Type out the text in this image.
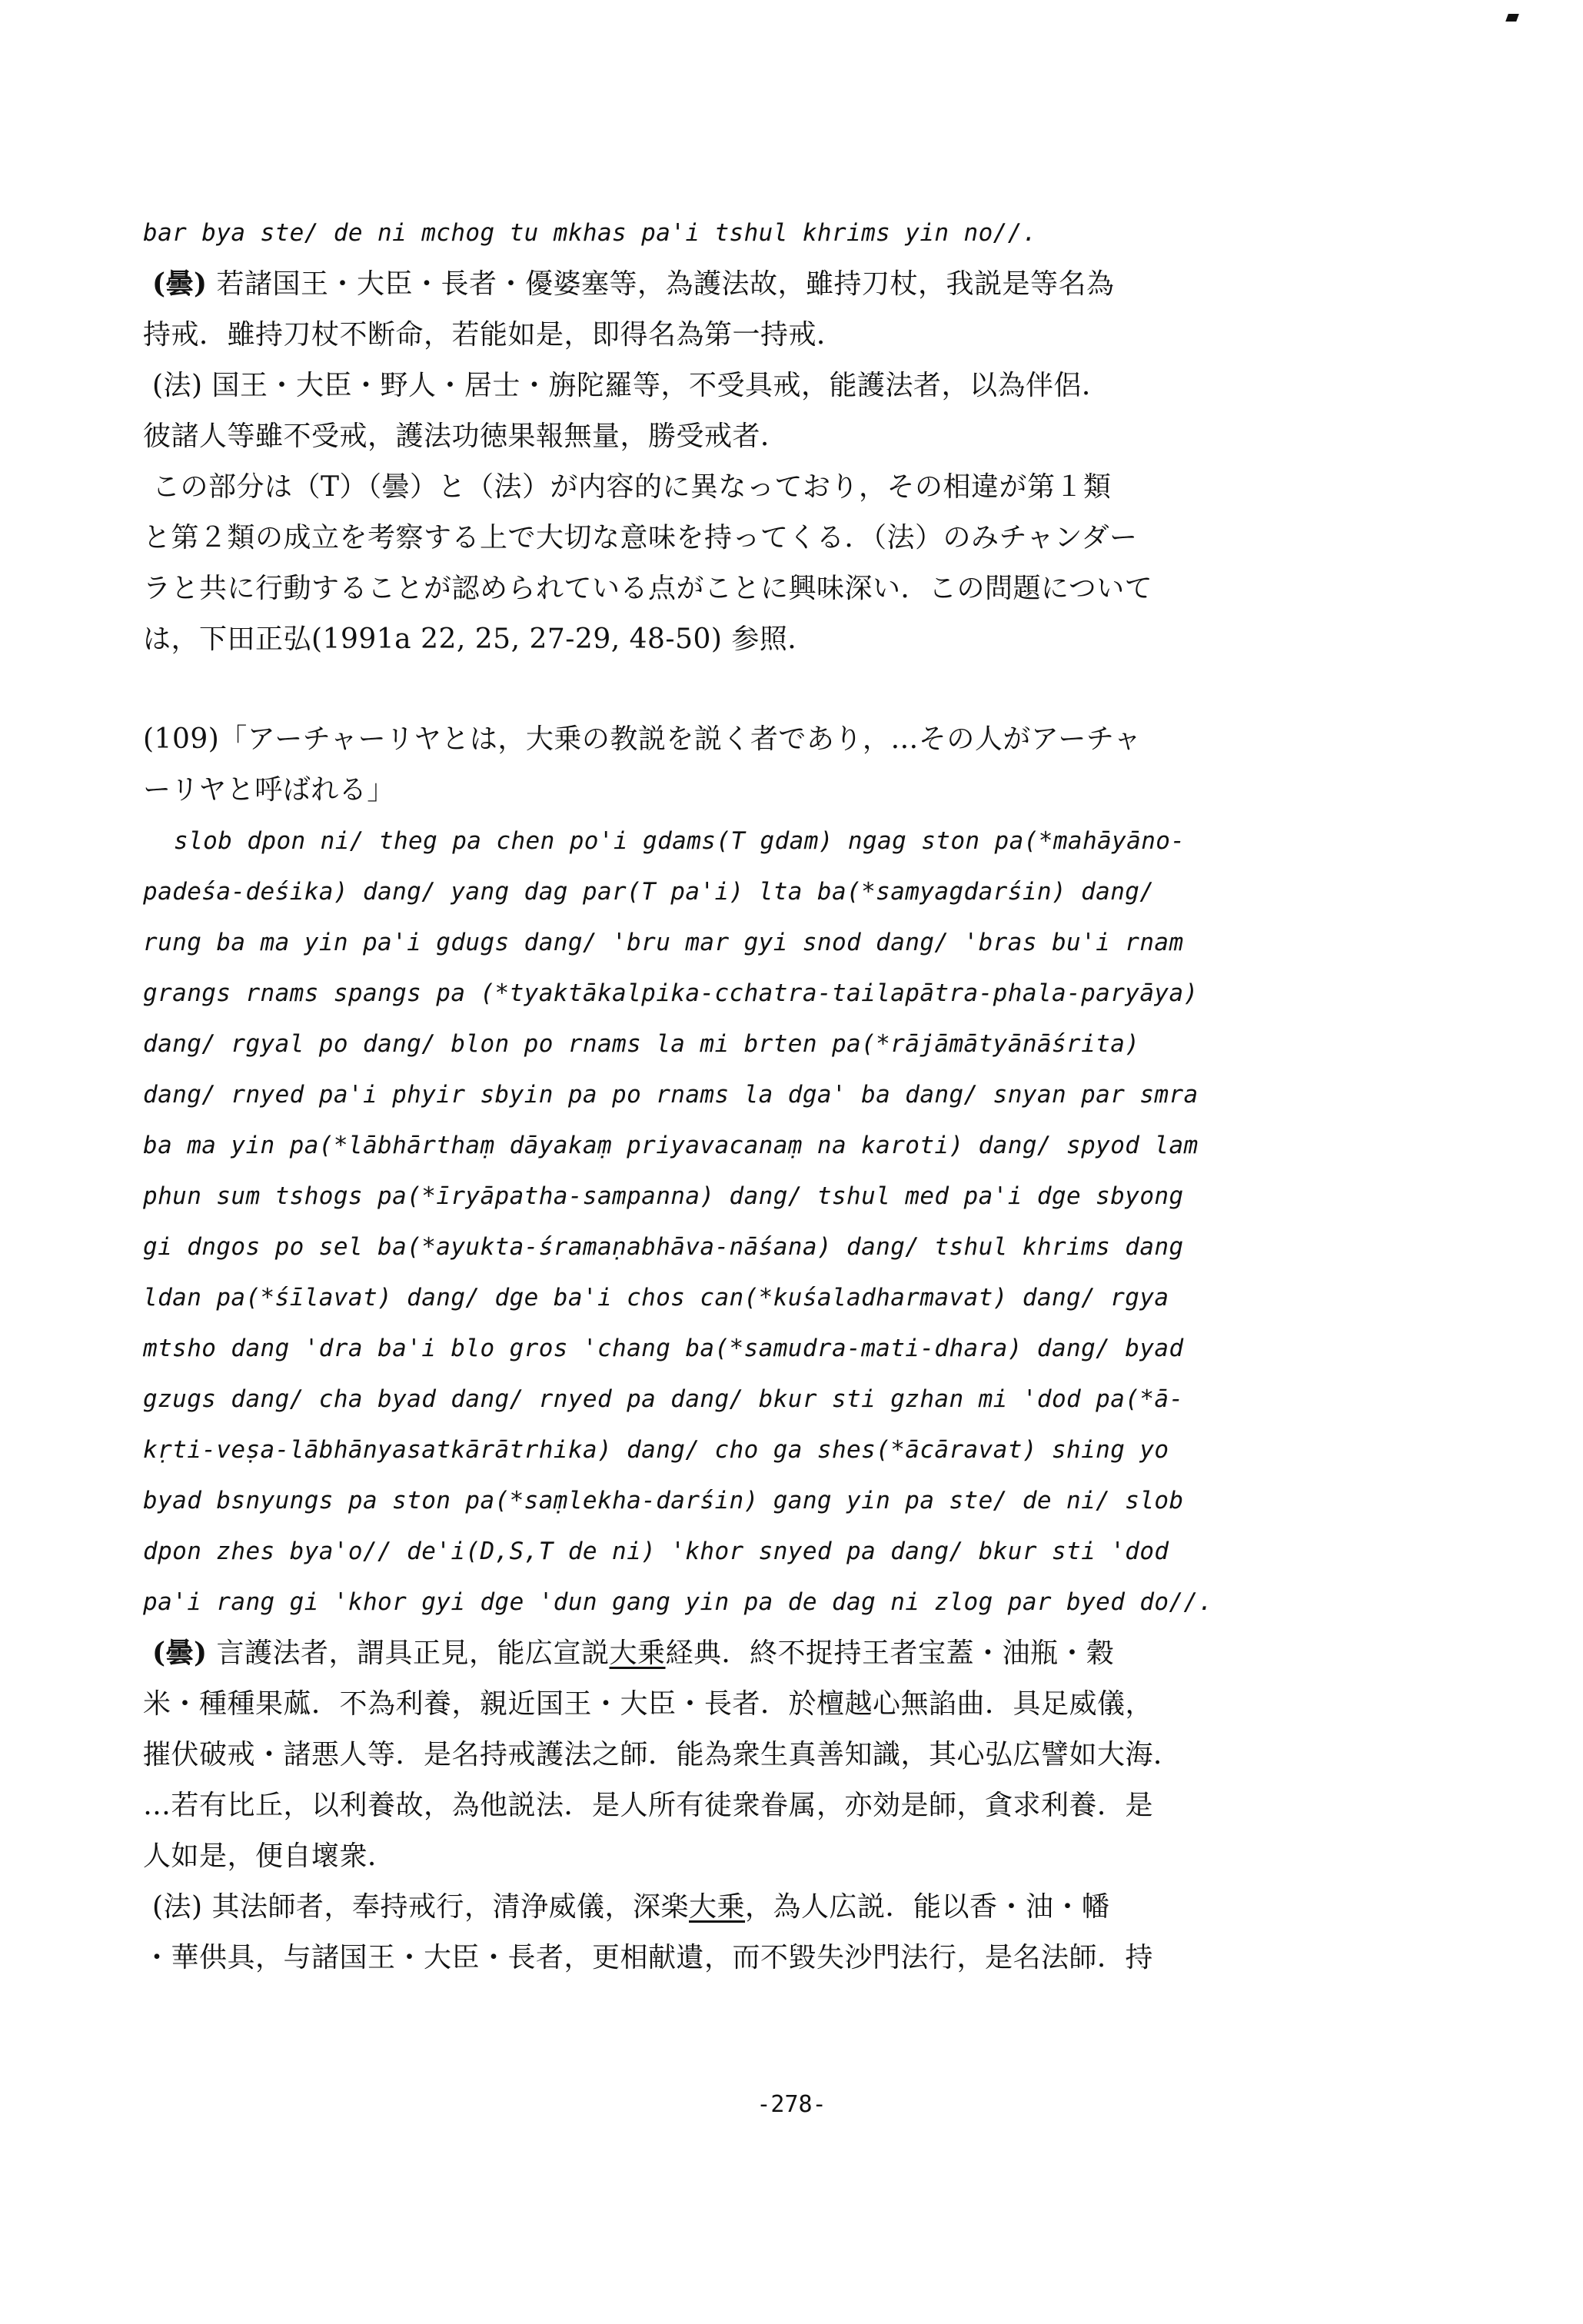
bar bya ste/ de ni mchog tu mkhas pa'i tshul khrims yin no//.

(曇) 若諸国王・大臣・長者・優婆塞等，為護法故，雖持刀杖，我説是等名為

持戒．雖持刀杖不断命，若能如是，即得名為第一持戒．

(法) 国王・大臣・野人・居士・旃陀羅等，不受具戒，能護法者，以為伴侶．

彼諸人等雖不受戒，護法功徳果報無量，勝受戒者．

この部分は（T）（曇）と（法）が内容的に異なっており，その相違が第１類

と第２類の成立を考察する上で大切な意味を持ってくる．（法）のみチャンダー

ラと共に行動することが認められている点がことに興味深い．この問題について

は，下田正弘(1991a 22, 25, 27-29, 48-50) 参照．

(109)「アーチャーリヤとは，大乗の教説を説く者であり，…その人がアーチャ

ーリヤと呼ばれる」

slob dpon ni/ theg pa chen po'i gdams(T gdam) ngag ston pa(*mahāyāno-

padeśa-deśika) dang/ yang dag par(T pa'i) lta ba(*samyagdarśin) dang/

rung ba ma yin pa'i gdugs dang/ 'bru mar gyi snod dang/ 'bras bu'i rnam

grangs rnams spangs pa (*tyaktākalpika-cchatra-tailapātra-phala-paryāya)

dang/ rgyal po dang/ blon po rnams la mi brten pa(*rājāmātyānāśrita)

dang/ rnyed pa'i phyir sbyin pa po rnams la dga' ba dang/ snyan par smra

ba ma yin pa(*lābhārthaṃ dāyakaṃ priyavacanaṃ na karoti) dang/ spyod lam

phun sum tshogs pa(*īryāpatha-sampanna) dang/ tshul med pa'i dge sbyong

gi dngos po sel ba(*ayukta-śramaṇabhāva-nāśana) dang/ tshul khrims dang

ldan pa(*śīlavat) dang/ dge ba'i chos can(*kuśaladharmavat) dang/ rgya

mtsho dang 'dra ba'i blo gros 'chang ba(*samudra-mati-dhara) dang/ byad

gzugs dang/ cha byad dang/ rnyed pa dang/ bkur sti gzhan mi 'dod pa(*ā-

kṛti-veṣa-lābhānyasatkārātrhika) dang/ cho ga shes(*ācāravat) shing yo

byad bsnyungs pa ston pa(*saṃlekha-darśin) gang yin pa ste/ de ni/ slob

dpon zhes bya'o// de'i(D,S,T de ni) 'khor snyed pa dang/ bkur sti 'dod

pa'i rang gi 'khor gyi dge 'dun gang yin pa de dag ni zlog par byed do//.

(曇) 言護法者，謂具正見，能広宣説大乗経典．終不捉持王者宝蓋・油瓶・穀

米・種種果蓏．不為利養，親近国王・大臣・長者．於檀越心無諂曲．具足威儀，

摧伏破戒・諸悪人等．是名持戒護法之師．能為衆生真善知識，其心弘広譬如大海．

…若有比丘，以利養故，為他説法．是人所有徒衆眷属，亦効是師，貪求利養．是

人如是，便自壞衆．

(法) 其法師者，奉持戒行，清浄威儀，深楽大乗，為人広説．能以香・油・幡

・華供具，与諸国王・大臣・長者，更相献遺，而不毀失沙門法行，是名法師．持

-278-
